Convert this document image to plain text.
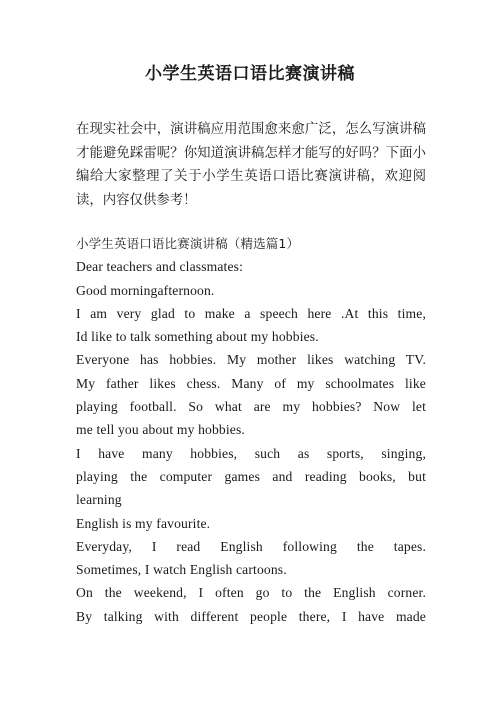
小学生英语口语比赛演讲稿

在现实社会中，演讲稿应用范围愈来愈广泛，怎么写演讲稿才能避免踩雷呢？你知道演讲稿怎样才能写的好吗？下面小编给大家整理了关于小学生英语口语比赛演讲稿，欢迎阅读，内容仅供参考！

小学生英语口语比赛演讲稿（精选篇1）
Dear teachers and classmates:
Good morningafternoon.
I am very glad to make a speech here .At this time,
Id like to talk something about my hobbies.
Everyone has hobbies. My mother likes watching TV.
My father likes chess. Many of my schoolmates like
playing football. So what are my hobbies? Now let
me tell you about my hobbies.
I have many hobbies, such as sports, singing,
playing the computer games and reading books, but
learning
English is my favourite.
Everyday, I read English following the tapes.
Sometimes, I watch English cartoons.
On the weekend, I often go to the English corner.
By talking with different people there, I have made
